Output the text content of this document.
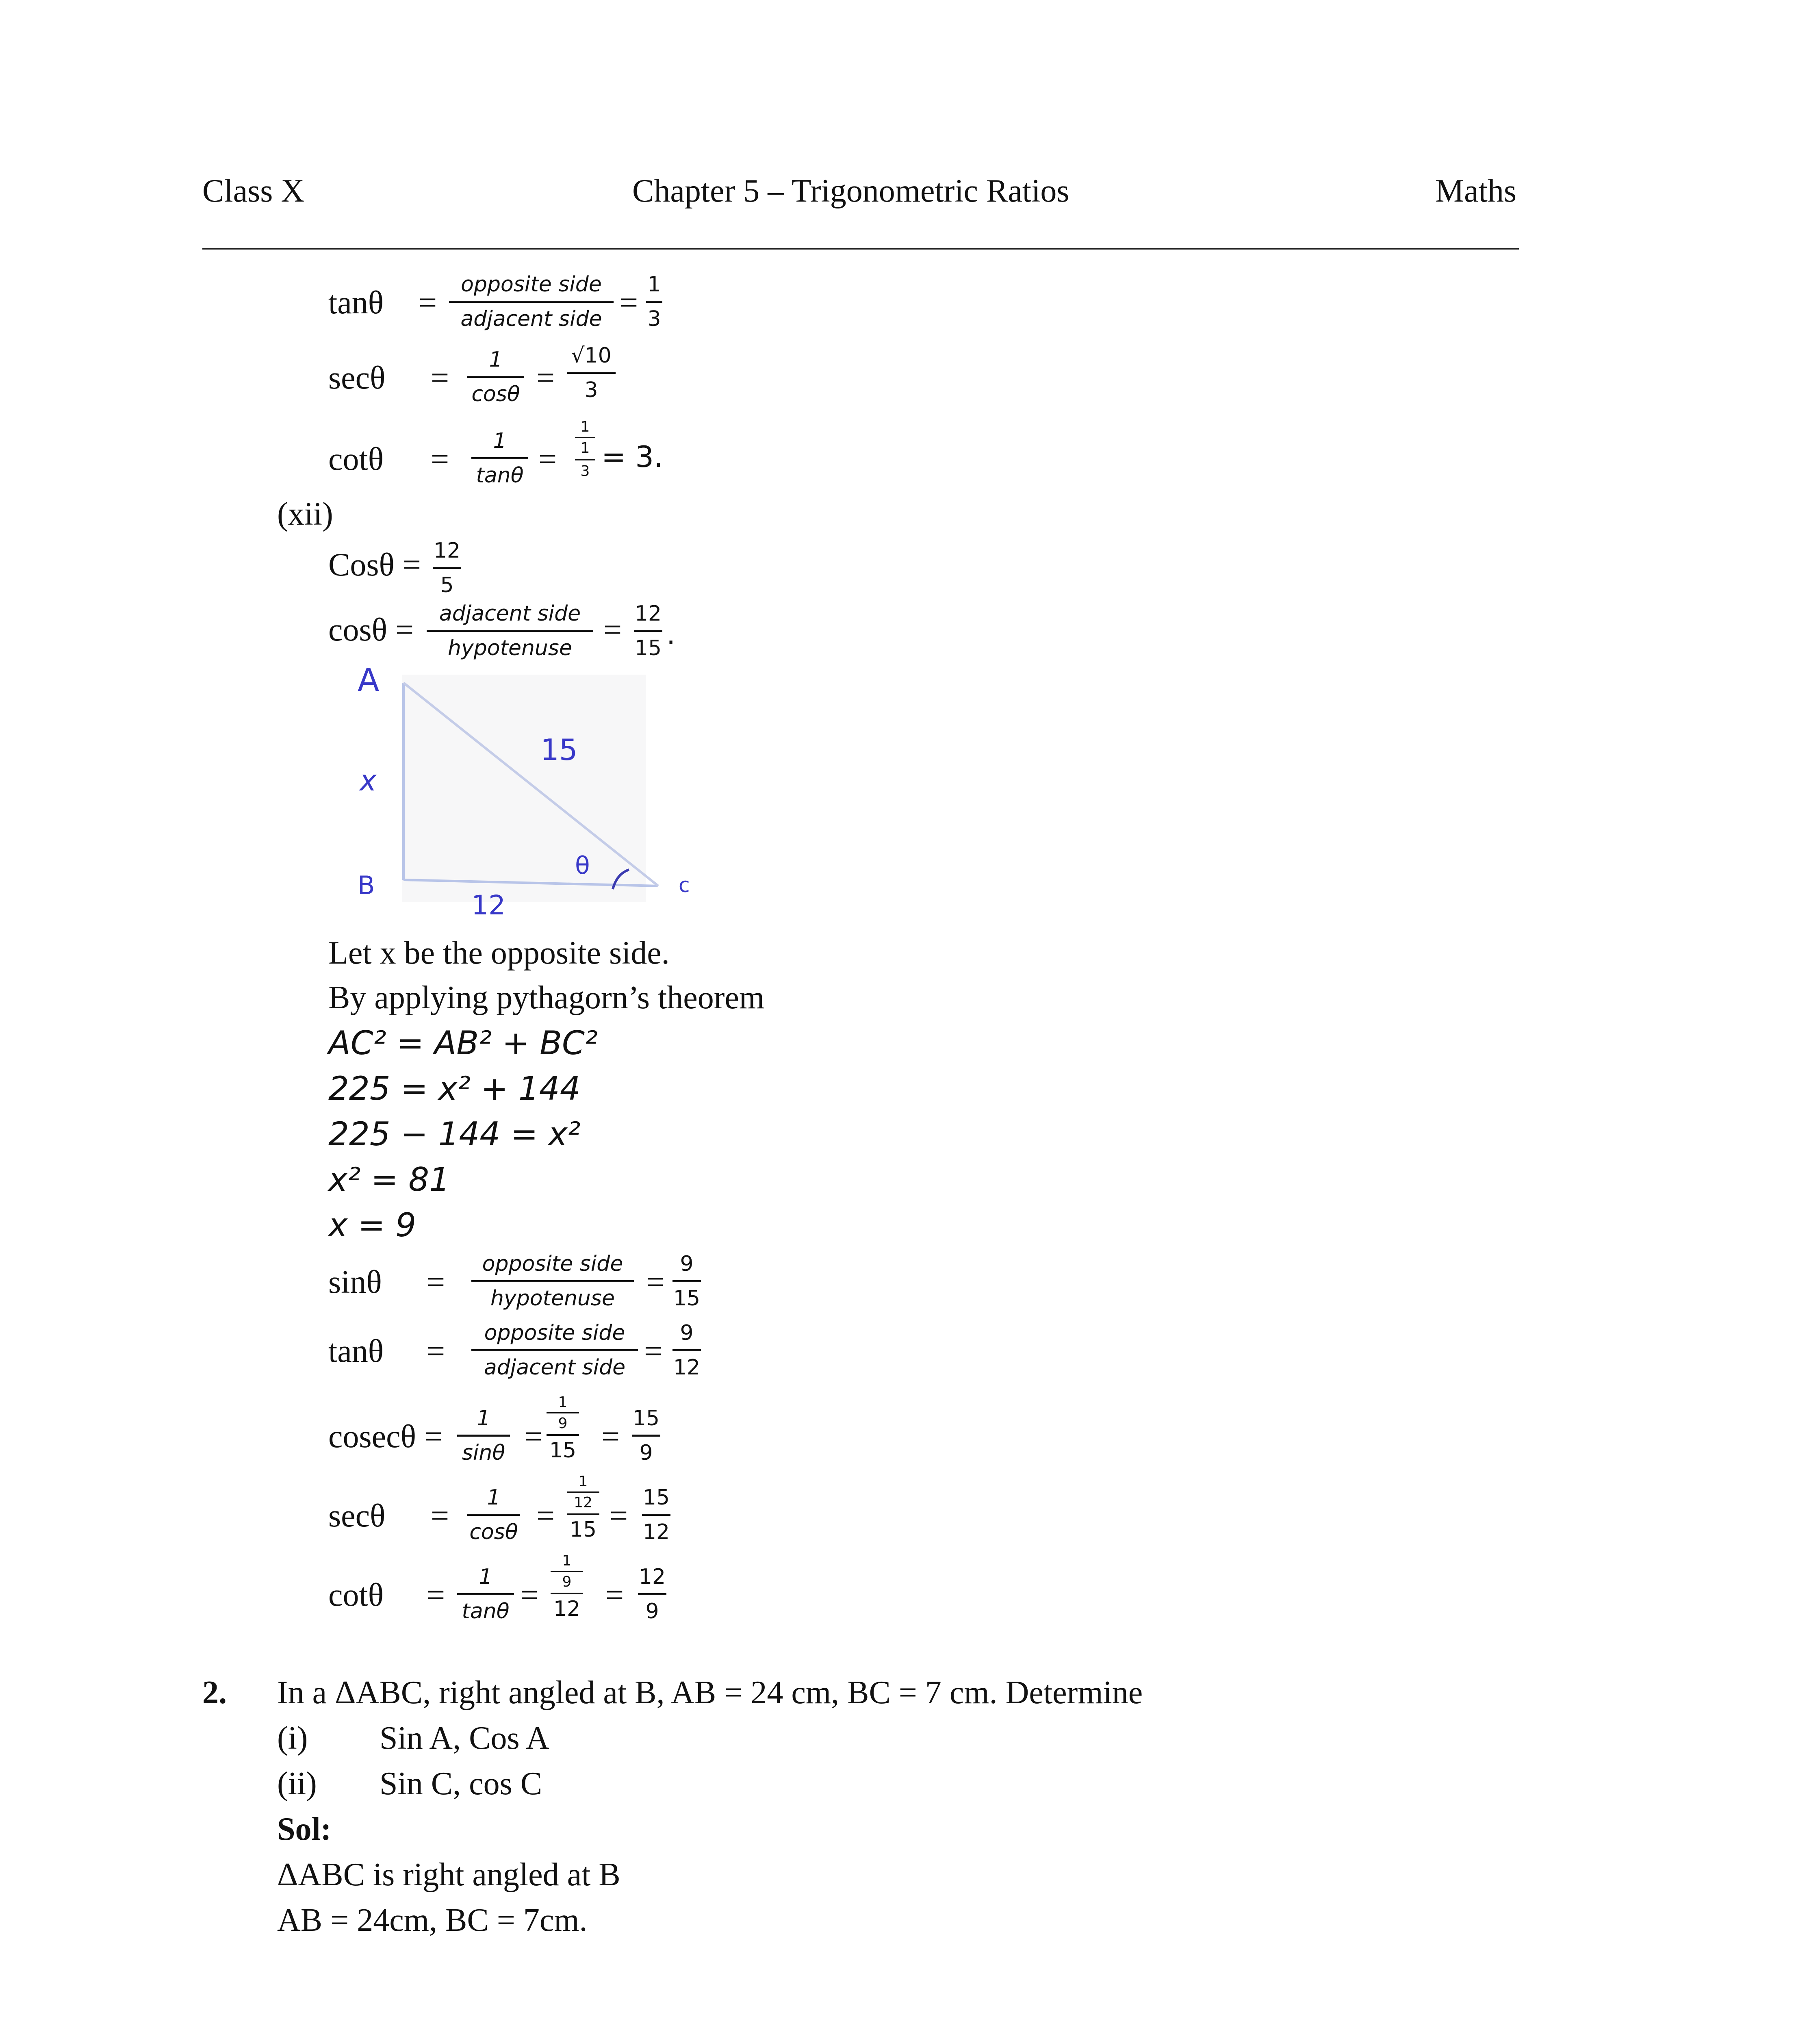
Class X	Chapter 5 – Trigonometric Ratios	Maths
tanθ =
opposite side
adjacent side =
1
3
secθ =
1
cosθ =
√10
3
cotθ =
1
tanθ =
1
1
3 = 3.
(xii)
Cosθ = 12
5
cosθ =	adjacent side
hypotenuse
= 12
15 .
A
B	c
x
15
12
θ
Let x be the opposite side.
By applying pythagorn’s theorem
AC² = AB² + BC²
225 = x² + 144
225 − 144 = x²
x² = 81
x = 9
sinθ =
opposite side
hypotenuse =
9
15
tanθ =
opposite side
adjacent side =
9
12
cosecθ =
1
sinθ =
1
9
15 =
15
9
secθ =
1
cosθ =
1
12
15 =
15
12
cotθ =
1
tanθ =
1
9
12 =
12
9
2. In a ΔABC, right angled at B, AB = 24 cm, BC = 7 cm. Determine
(i) Sin A, Cos A
(ii) Sin C, cos C
Sol:
ΔABC is right angled at B
AB = 24cm, BC = 7cm.
